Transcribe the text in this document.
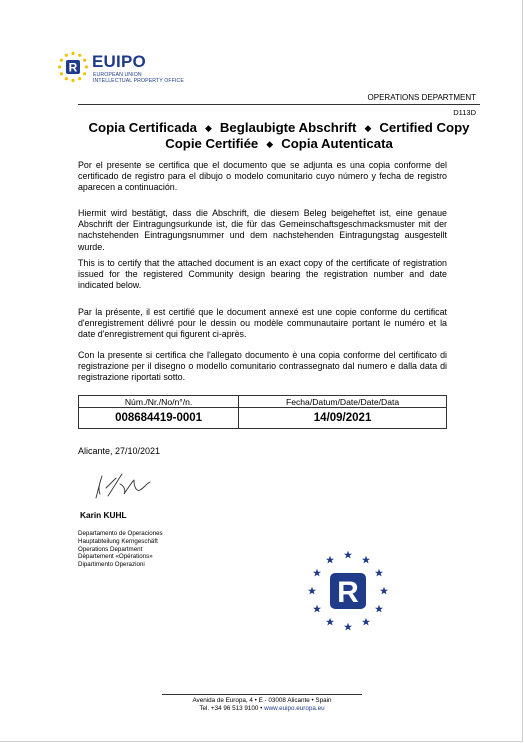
R EUIPO
EUROPEAN UNION
INTELLECTUAL PROPERTY OFFICE
OPERATIONS DEPARTMENT
D113D
Copia Certificada ◆ Beglaubigte Abschrift ◆ Certified Copy
Copie Certifiée ◆ Copia Autenticata
Por el presente se certifica que el documento que se adjunta es una copia conforme del certificado de registro para el dibujo o modelo comunitario cuyo número y fecha de registro aparecen a continuación.
Hiermit wird bestätigt, dass die Abschrift, die diesem Beleg beigeheftet ist, eine genaue Abschrift der Eintragungsurkunde ist, die für das Gemeinschaftsgeschmacksmuster mit der nachstehenden Eintragungsnummer und dem nachstehenden Eintragungstag ausgestellt wurde.
This is to certify that the attached document is an exact copy of the certificate of registration issued for the registered Community design bearing the registration number and date indicated below.
Par la présente, il est certifié que le document annexé est une copie conforme du certificat d'enregistrement délivré pour le dessin ou modèle communautaire portant le numéro et la date d'enregistrement qui figurent ci-après.
Con la presente si certifica che l'allegato documento è una copia conforme del certificato di registrazione per il disegno o modello comunitario contrassegnato dal numero e dalla data di registrazione riportati sotto.
Núm./Nr./No/n°/n.	Fecha/Datum/Date/Date/Data
008684419-0001	14/09/2021
Alicante, 27/10/2021
Karin KUHL
Departamento de Operaciones
Hauptabteilung Kerngeschäft
Operations Department
Département «Opérations»
Dipartimento Operazioni
R
Avenida de Europa, 4 • E - 03008 Alicante • Spain
Tel. +34 96 513 9100 • www.euipo.europa.eu
